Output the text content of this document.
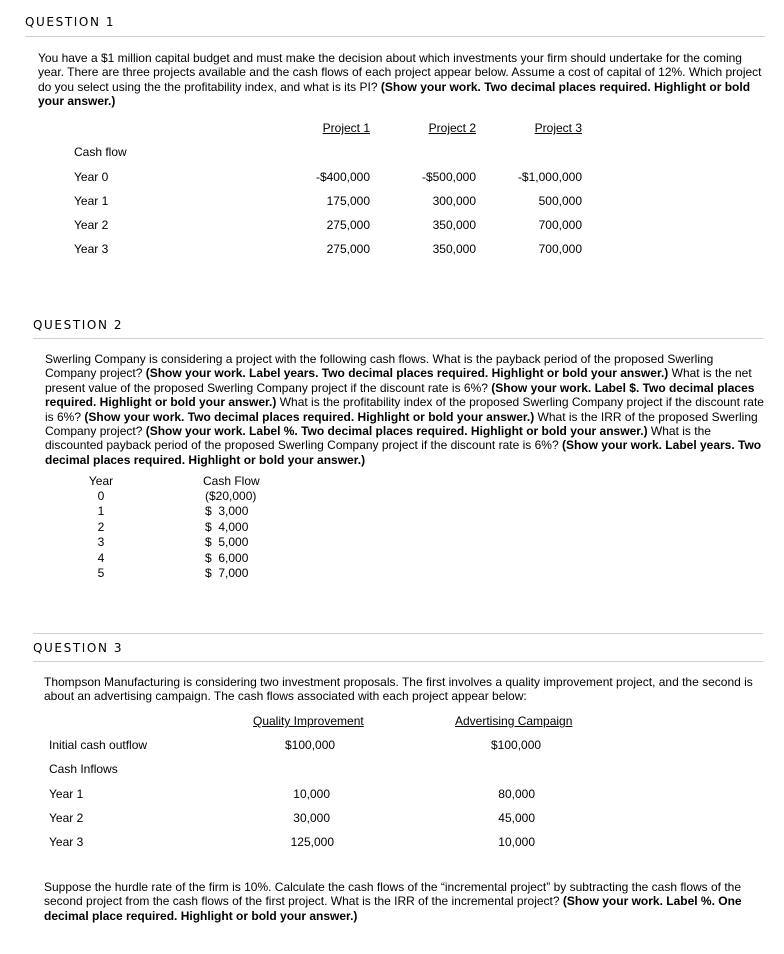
QUESTION 1
You have a $1 million capital budget and must make the decision about which investments your firm should undertake for the coming year. There are three projects available and the cash flows of each project appear below. Assume a cost of capital of 12%. Which project do you select using the the profitability index, and what is its PI? (Show your work. Two decimal places required. Highlight or bold your answer.)
Project 1	Project 2	Project 3
Cash flow
Year 0	-$400,000	-$500,000	-$1,000,000
Year 1	175,000	300,000	500,000
Year 2	275,000	350,000	700,000
Year 3	275,000	350,000	700,000
QUESTION 2
Swerling Company is considering a project with the following cash flows. What is the payback period of the proposed Swerling Company project? (Show your work. Label years. Two decimal places required. Highlight or bold your answer.) What is the net present value of the proposed Swerling Company project if the discount rate is 6%? (Show your work. Label $. Two decimal places required. Highlight or bold your answer.) What is the profitability index of the proposed Swerling Company project if the discount rate is 6%? (Show your work. Two decimal places required. Highlight or bold your answer.) What is the IRR of the proposed Swerling Company project? (Show your work. Label %. Two decimal places required. Highlight or bold your answer.) What is the discounted payback period of the proposed Swerling Company project if the discount rate is 6%? (Show your work. Label years. Two decimal places required. Highlight or bold your answer.)
Year	Cash Flow
0	($20,000)
1	$  3,000
2	$  4,000
3	$  5,000
4	$  6,000
5	$  7,000
QUESTION 3
Thompson Manufacturing is considering two investment proposals. The first involves a quality improvement project, and the second is about an advertising campaign. The cash flows associated with each project appear below:
Quality Improvement	Advertising Campaign
Initial cash outflow	$100,000	$100,000
Cash Inflows
Year 1	10,000	80,000
Year 2	30,000	45,000
Year 3	125,000	10,000
Suppose the hurdle rate of the firm is 10%. Calculate the cash flows of the “incremental project” by subtracting the cash flows of the second project from the cash flows of the first project. What is the IRR of the incremental project? (Show your work. Label %. One decimal place required. Highlight or bold your answer.)
